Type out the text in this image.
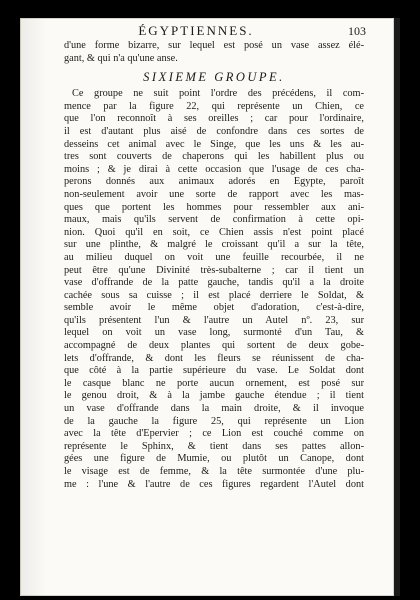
ÉGYPTIENNES.	103
d'une forme bizarre, sur lequel est posé un vase assez élé-
gant, & qui n'a qu'une anse.
SIXIEME GROUPE.
Ce groupe ne suit point l'ordre des précédens, il com-
mence par la figure 22, qui représente un Chien, ce
que l'on reconnoît à ses oreilles ; car pour l'ordinaire,
il est d'autant plus aisé de confondre dans ces sortes de
desseins cet animal avec le Singe, que les uns & les au-
tres sont couverts de chaperons qui les habillent plus ou
moins ; & je dirai à cette occasion que l'usage de ces cha-
perons donnés aux animaux adorés en Egypte, paroît
non-seulement avoir une sorte de rapport avec les mas-
ques que portent les hommes pour ressembler aux ani-
maux, mais qu'ils servent de confirmation à cette opi-
nion. Quoi qu'il en soit, ce Chien assis n'est point placé
sur une plinthe, & malgré le croissant qu'il a sur la tête,
au milieu duquel on voit une feuille recourbée, il ne
peut être qu'une Divinité très-subalterne ; car il tient un
vase d'offrande de la patte gauche, tandis qu'il a la droite
cachée sous sa cuisse ; il est placé derriere le Soldat, &
semble avoir le même objet d'adoration, c'est-à-dire,
qu'ils présentent l'un & l'autre un Autel nº. 23, sur
lequel on voit un vase long, surmonté d'un Tau, &
accompagné de deux plantes qui sortent de deux gobe-
lets d'offrande, & dont les fleurs se réunissent de cha-
que côté à la partie supérieure du vase. Le Soldat dont
le casque blanc ne porte aucun ornement, est posé sur
le genou droit, & à la jambe gauche étendue ; il tient
un vase d'offrande dans la main droite, & il invoque
de la gauche la figure 25, qui représente un Lion
avec la tête d'Epervier ; ce Lion est couché comme on
représente le Sphinx, & tient dans ses pattes allon-
gées une figure de Mumie, ou plutôt un Canope, dont
le visage est de femme, & la tête surmontée d'une plu-
me : l'une & l'autre de ces figures regardent l'Autel dont
